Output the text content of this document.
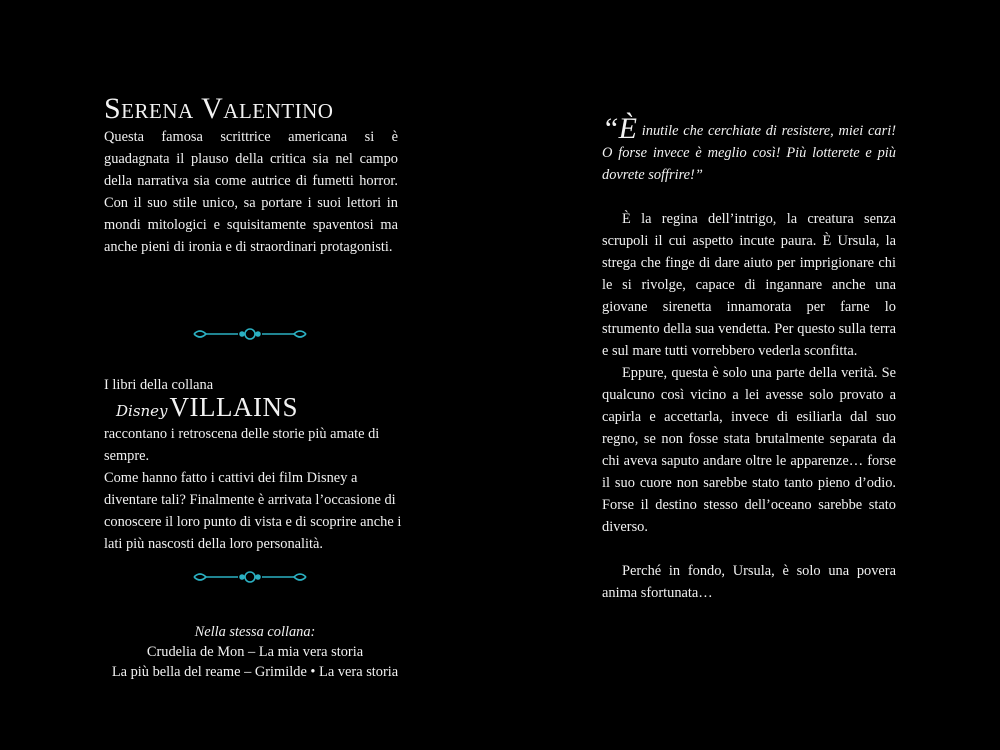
Serena Valentino

Questa famosa scrittrice americana si è guadagnata il plauso della critica sia nel campo della narrativa sia come autrice di fumetti horror. Con il suo stile unico, sa portare i suoi lettori in mondi mitologici e squisitamente spaventosi ma anche pieni di ironia e di straordinari protagonisti.

I libri della collana
Disney VILLAINS

raccontano i retroscena delle storie più amate di sempre.

Come hanno fatto i cattivi dei film Disney a diventare tali? Finalmente è arrivata l’occasione di conoscere il loro punto di vista e di scoprire anche i lati più nascosti della loro personalità.

Nella stessa collana:
Crudelia de Mon – La mia vera storia
La più bella del reame – Grimilde • La vera storia

“È inutile che cerchiate di resistere, miei cari! O forse invece è meglio così! Più lotterete e più dovrete soffrire!”

È la regina dell’intrigo, la creatura senza scrupoli il cui aspetto incute paura. È Ursula, la strega che finge di dare aiuto per imprigionare chi le si rivolge, capace di ingannare anche una giovane sirenetta innamorata per farne lo strumento della sua vendetta. Per questo sulla terra e sul mare tutti vorrebbero vederla sconfitta.

Eppure, questa è solo una parte della verità. Se qualcuno così vicino a lei avesse solo provato a capirla e accettarla, invece di esiliarla dal suo regno, se non fosse stata brutalmente separata da chi aveva saputo andare oltre le apparenze… forse il suo cuore non sarebbe stato tanto pieno d’odio. Forse il destino stesso dell’oceano sarebbe stato diverso.

Perché in fondo, Ursula, è solo una povera anima sfortunata…
